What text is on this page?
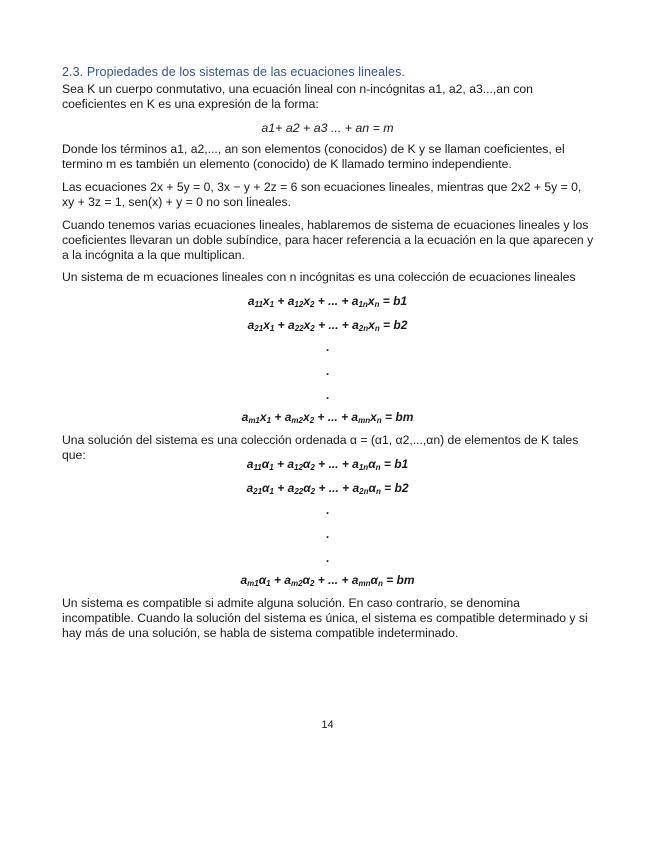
2.3. Propiedades de los sistemas de las ecuaciones lineales.

Sea K un cuerpo conmutativo, una ecuación lineal con n-incógnitas a1, a2, a3...,an con coeficientes en K es una expresión de la forma:

a1+ a2 + a3 ... + an = m

Donde los términos a1, a2,..., an son elementos (conocidos) de K y se llaman coeficientes, el termino m es también un elemento (conocido) de K llamado termino independiente.

Las ecuaciones 2x + 5y = 0, 3x − y + 2z = 6 son ecuaciones lineales, mientras que 2x2 + 5y = 0, xy + 3z = 1, sen(x) + y = 0 no son lineales.

Cuando tenemos varias ecuaciones lineales, hablaremos de sistema de ecuaciones lineales y los coeficientes llevaran un doble subíndice, para hacer referencia a la ecuación en la que aparecen y a la incógnita a la que multiplican.

Un sistema de m ecuaciones lineales con n incógnitas es una colección de ecuaciones lineales

$a_{11}x_1 + a_{12}x_2$ + ... + $a_{1n}x_n = b1$
$a_{21}x_1 + a_{22}x_2$ + ... + $a_{2n}x_n = b2$
.
.
.
$a_{m1}x_1 + a_{m2}x_2$ + ... + $a_{mn}x_n$ = bm

Una solución del sistema es una colección ordenada α = (α1, α2,...,αn) de elementos de K tales que:

$a_{11}\alpha_1 + a_{12}\alpha_2$ + ... + $a_{1n}\alpha_n = b1$
$a_{21}\alpha_1 + a_{22}\alpha_2$ + ... + $a_{2n}\alpha_n = b2$
.
.
.
$a_{m1}\alpha_1 + a_{m2}\alpha_2$ + ... + $a_{mn}\alpha_n$ = bm

Un sistema es compatible si admite alguna solución. En caso contrario, se denomina incompatible. Cuando la solución del sistema es única, el sistema es compatible determinado y si hay más de una solución, se habla de sistema compatible indeterminado.

14
